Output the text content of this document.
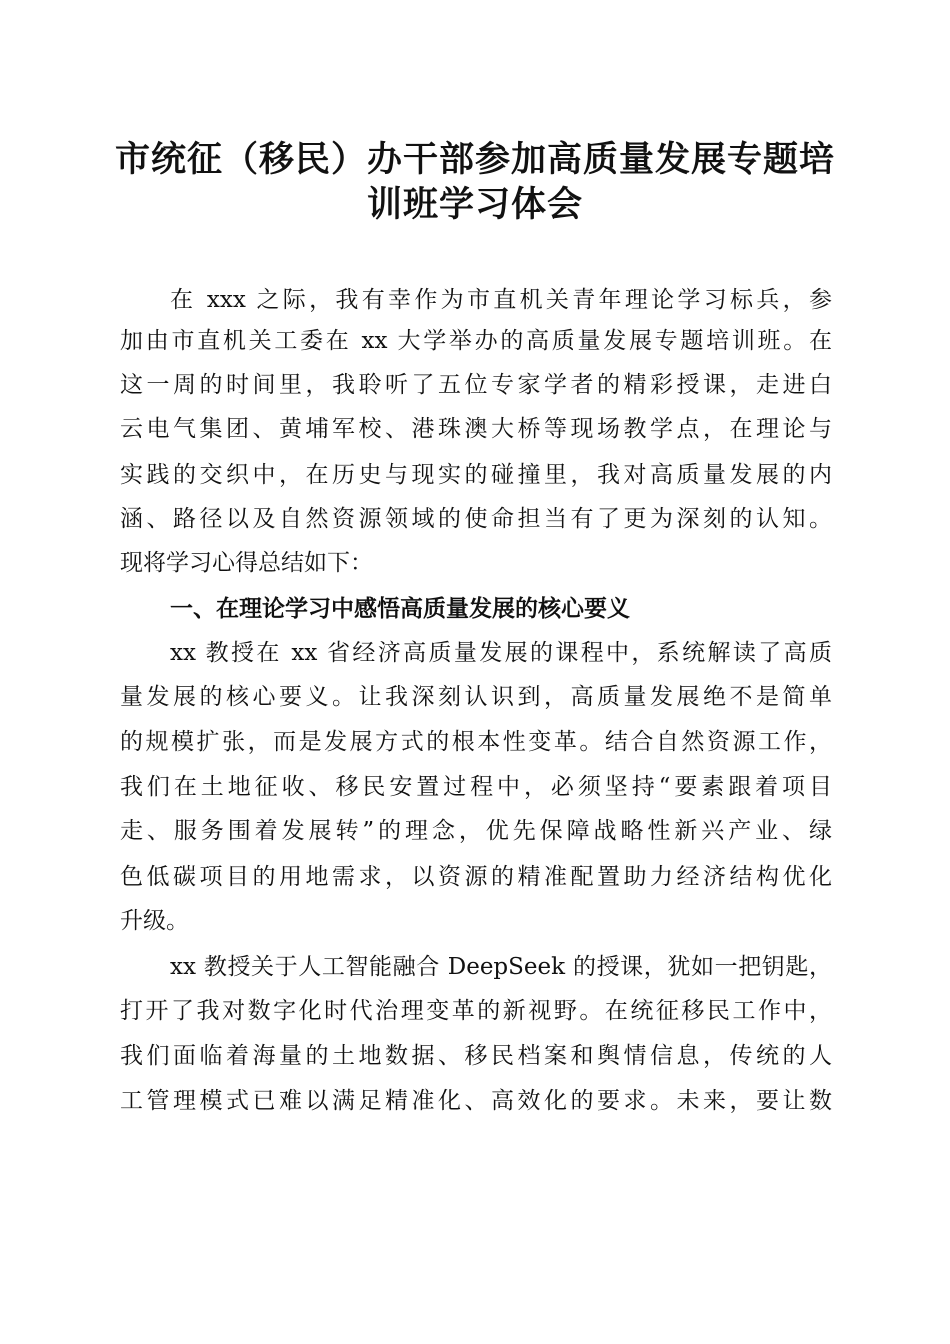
市统征（移民）办干部参加高质量发展专题培
训班学习体会

在 xxx 之际，我有幸作为市直机关青年理论学习标兵，参

加由市直机关工委在 xx 大学举办的高质量发展专题培训班。在

这一周的时间里，我聆听了五位专家学者的精彩授课，走进白

云电气集团、黄埔军校、港珠澳大桥等现场教学点，在理论与

实践的交织中，在历史与现实的碰撞里，我对高质量发展的内

涵、路径以及自然资源领域的使命担当有了更为深刻的认知。

现将学习心得总结如下：

一、在理论学习中感悟高质量发展的核心要义

xx 教授在 xx 省经济高质量发展的课程中，系统解读了高质

量发展的核心要义。让我深刻认识到，高质量发展绝不是简单

的规模扩张，而是发展方式的根本性变革。结合自然资源工作，

我们在土地征收、移民安置过程中，必须坚持“要素跟着项目

走、服务围着发展转”的理念，优先保障战略性新兴产业、绿

色低碳项目的用地需求，以资源的精准配置助力经济结构优化

升级。

xx 教授关于人工智能融合 DeepSeek 的授课，犹如一把钥匙，

打开了我对数字化时代治理变革的新视野。在统征移民工作中，

我们面临着海量的土地数据、移民档案和舆情信息，传统的人

工管理模式已难以满足精准化、高效化的要求。未来，要让数
